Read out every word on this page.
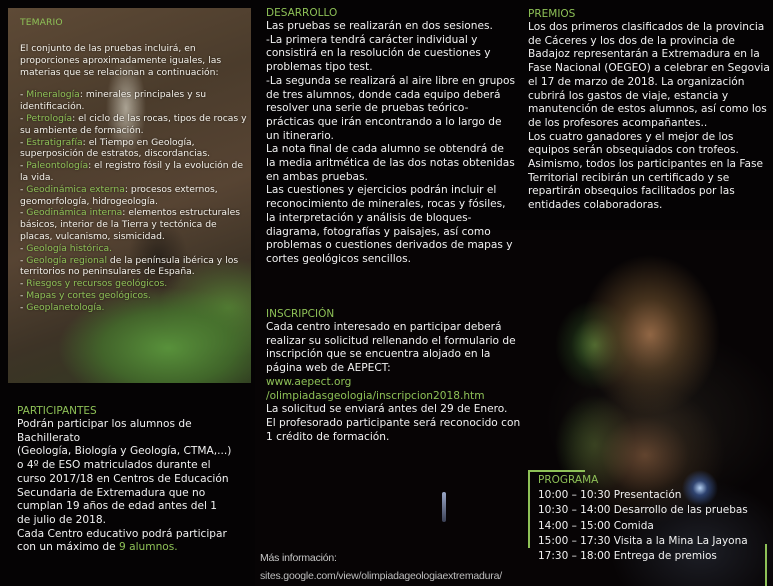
TEMARIO

El conjunto de las pruebas incluirá, en proporciones aproximadamente iguales, las materias que se relacionan a continuación:

- Mineralogía: minerales principales y su identificación.
- Petrología: el ciclo de las rocas, tipos de rocas y su ambiente de formación.
- Estratigrafía: el Tiempo en Geología, superposición de estratos, discordancias.
- Paleontología: el registro fósil y la evolución de la vida.
- Geodinámica externa: procesos externos, geomorfología, hidrogeología.
- Geodinámica interna: elementos estructurales básicos, interior de la Tierra y tectónica de placas, vulcanismo, sismicidad.
- Geología histórica.
- Geología regional de la península ibérica y los territorios no peninsulares de España.
- Riesgos y recursos geológicos.
- Mapas y cortes geológicos.
- Geoplanetología.
PARTICIPANTES
Podrán participar los alumnos de
Bachillerato
(Geología, Biología y Geología, CTMA,...)
o 4º de ESO matriculados durante el
curso 2017/18 en Centros de Educación
Secundaria de Extremadura que no
cumplan 19 años de edad antes del 1
de julio de 2018.
Cada Centro educativo podrá participar
con un máximo de 9 alumnos.
DESARROLLO

Las pruebas se realizarán en dos sesiones.

-La primera tendrá carácter individual y consistirá en la resolución de cuestiones y problemas tipo test.

-La segunda se realizará al aire libre en grupos de tres alumnos, donde cada equipo deberá resolver una serie de pruebas teórico-prácticas que irán encontrando a lo largo de un itinerario.

La nota final de cada alumno se obtendrá de la media aritmética de las dos notas obtenidas en ambas pruebas.

Las cuestiones y ejercicios podrán incluir el reconocimiento de minerales, rocas y fósiles, la interpretación y análisis de bloques-diagrama, fotografías y paisajes, así como problemas o cuestiones derivados de mapas y cortes geológicos sencillos.

INSCRIPCIÓN

Cada centro interesado en participar deberá realizar su solicitud rellenando el formulario de inscripción que se encuentra alojado en la página web de AEPECT:

www.aepect.org
/olimpiadasgeologia/inscripcion2018.htm

La solicitud se enviará antes del 29 de Enero.

El profesorado participante será reconocido con 1 crédito de formación.

PREMIOS

Los dos primeros clasificados de la provincia de Cáceres y los dos de la provincia de Badajoz representarán a Extremadura en la Fase Nacional (OEGEO) a celebrar en Segovia el 17 de marzo de 2018. La organización cubrirá los gastos de viaje, estancia y manutención de estos alumnos, así como los de los profesores acompañantes..

Los cuatro ganadores y el mejor de los equipos serán obsequiados con trofeos. Asimismo, todos los participantes en la Fase Territorial recibirán un certificado y se repartirán obsequios facilitados por las entidades colaboradoras.

PROGRAMA
10:00 – 10:30 Presentación
10:30 – 14:00 Desarrollo de las pruebas
14:00 – 15:00 Comida
15:00 – 17:30 Visita a la Mina La Jayona
17:30 – 18:00 Entrega de premios
Más información:
sites.google.com/view/olimpiadageologiaextremadura/
